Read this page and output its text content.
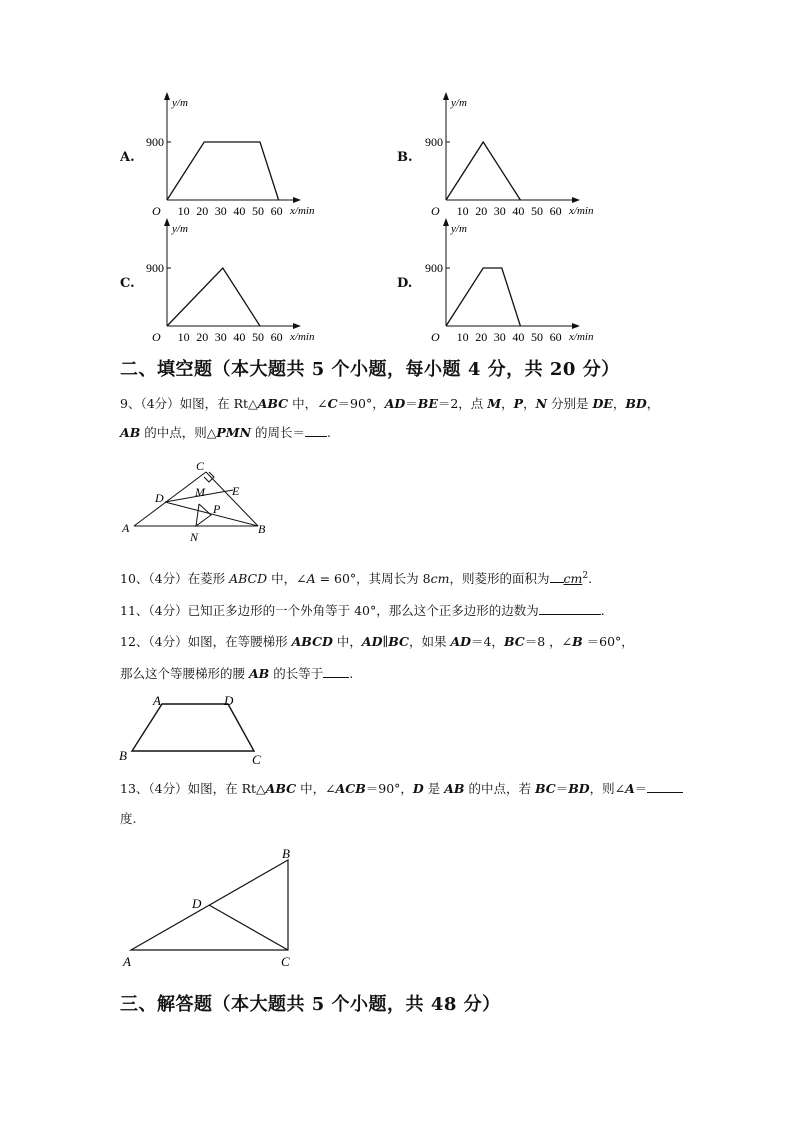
A.
y/m
x/min
O
900
10 20 30 40 50 60
B.
y/m
x/min
O
900
10 20 30 40 50 60
C.
y/m
x/min
O
900
10 20 30 40 50 60
D.
y/m
x/min
O
900
10 20 30 40 50 60
二、填空题（本大题共 5 个小题，每小题 4 分，共 20 分）
9、（4分）如图，在 Rt△ABC 中，∠C＝90°，AD＝BE＝2，点 M，P，N 分别是 DE，BD，
AB 的中点，则△PMN 的周长＝ .
C
D	M E
P
A
N
B
10、（4分）在菱形 ABCD 中，∠A = 60°，其周长为 8cm，则菱形的面积为 $cm^2$.
11、（4分）已知正多边形的一个外角等于 40°，那么这个正多边形的边数为	.
12、（4分）如图，在等腰梯形 ABCD 中，AD∥BC，如果 AD＝4，BC＝8 ，∠B ＝60°，
那么这个等腰梯形的腰 AB 的长等于 .
A	D
B	C
13、（4分）如图，在 Rt△ABC 中，∠ACB＝90°，D 是 AB 的中点，若 BC＝BD，则∠A＝
度.
B
D
A	C
三、解答题（本大题共 5 个小题，共 48 分）
